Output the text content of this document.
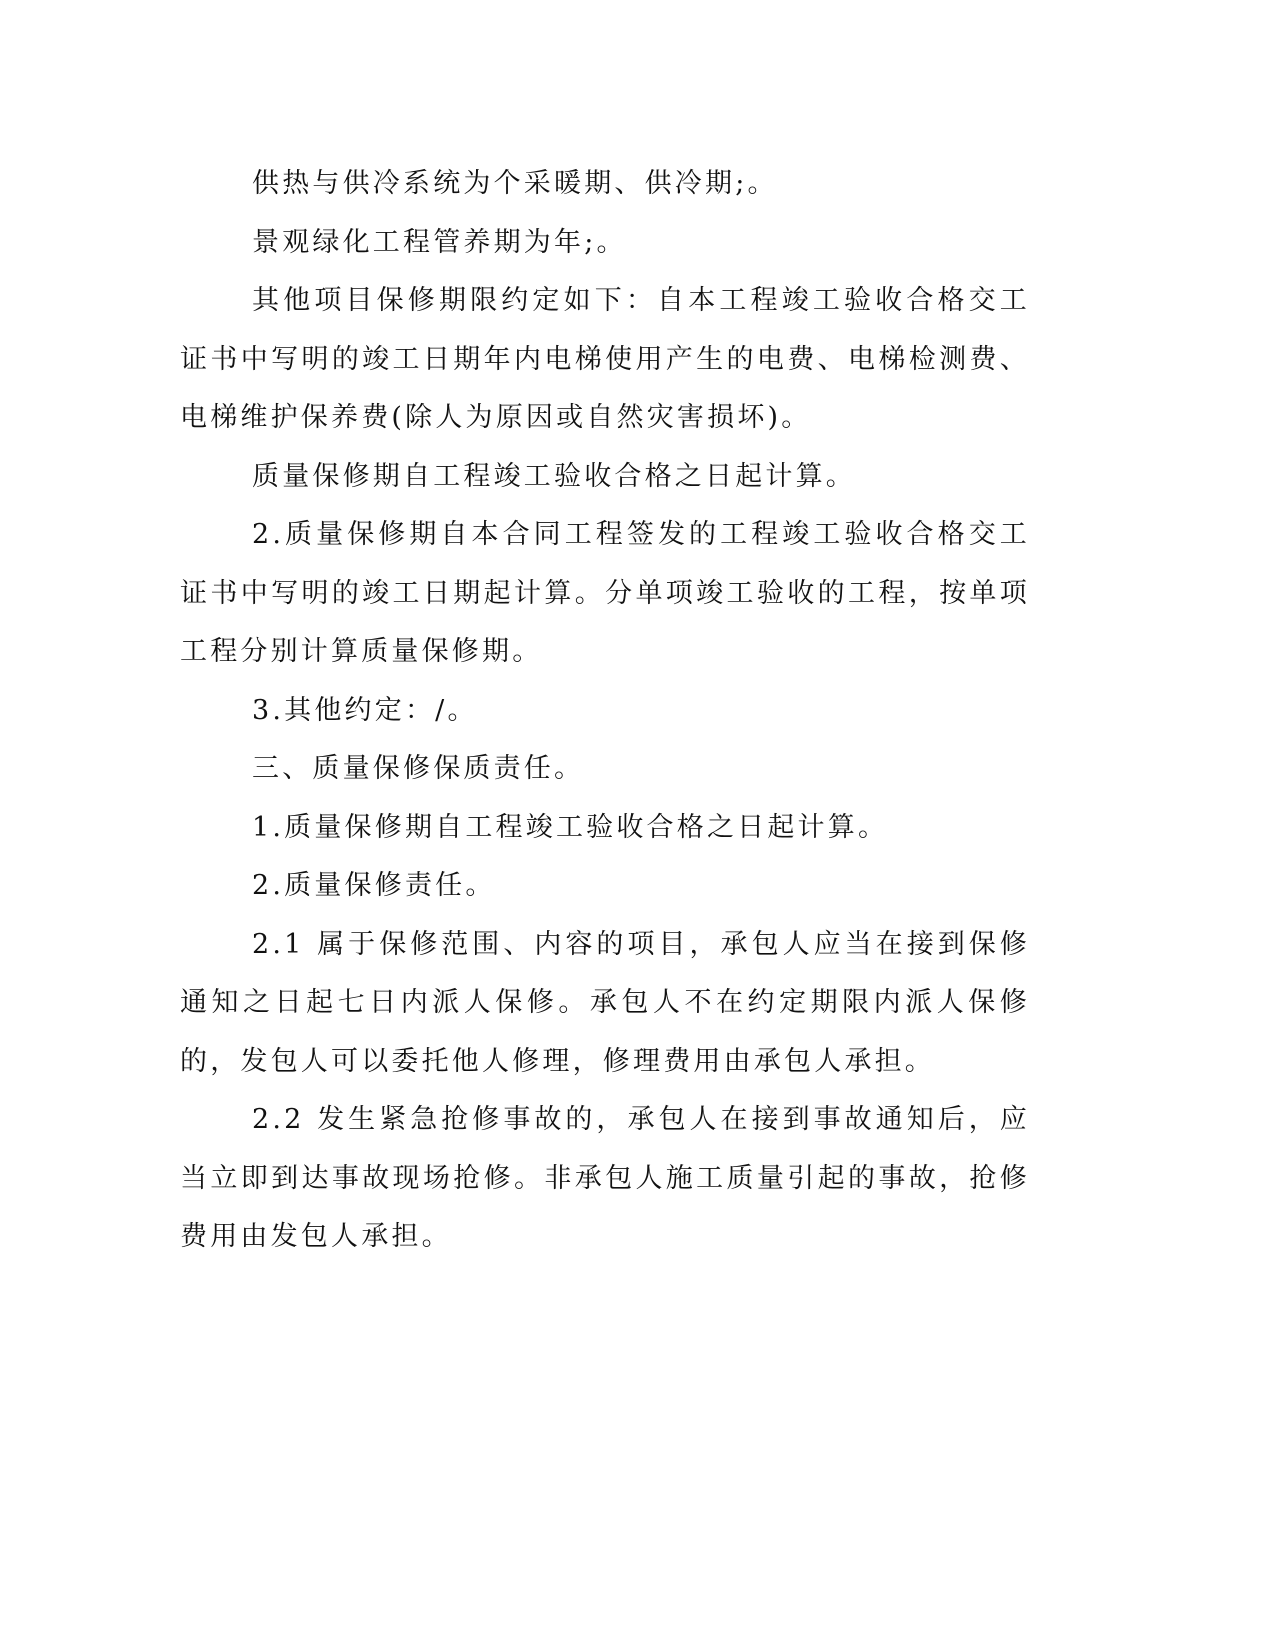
供热与供冷系统为个采暖期、供冷期;。

景观绿化工程管养期为年;。

其他项目保修期限约定如下：自本工程竣工验收合格交工证书中写明的竣工日期年内电梯使用产生的电费、电梯检测费、电梯维护保养费(除人为原因或自然灾害损坏)。

质量保修期自工程竣工验收合格之日起计算。

2.质量保修期自本合同工程签发的工程竣工验收合格交工证书中写明的竣工日期起计算。分单项竣工验收的工程，按单项工程分别计算质量保修期。

3.其他约定：/。

三、质量保修保质责任。

1.质量保修期自工程竣工验收合格之日起计算。

2.质量保修责任。

2.1 属于保修范围、内容的项目，承包人应当在接到保修通知之日起七日内派人保修。承包人不在约定期限内派人保修的，发包人可以委托他人修理，修理费用由承包人承担。

2.2 发生紧急抢修事故的，承包人在接到事故通知后，应当立即到达事故现场抢修。非承包人施工质量引起的事故，抢修费用由发包人承担。
